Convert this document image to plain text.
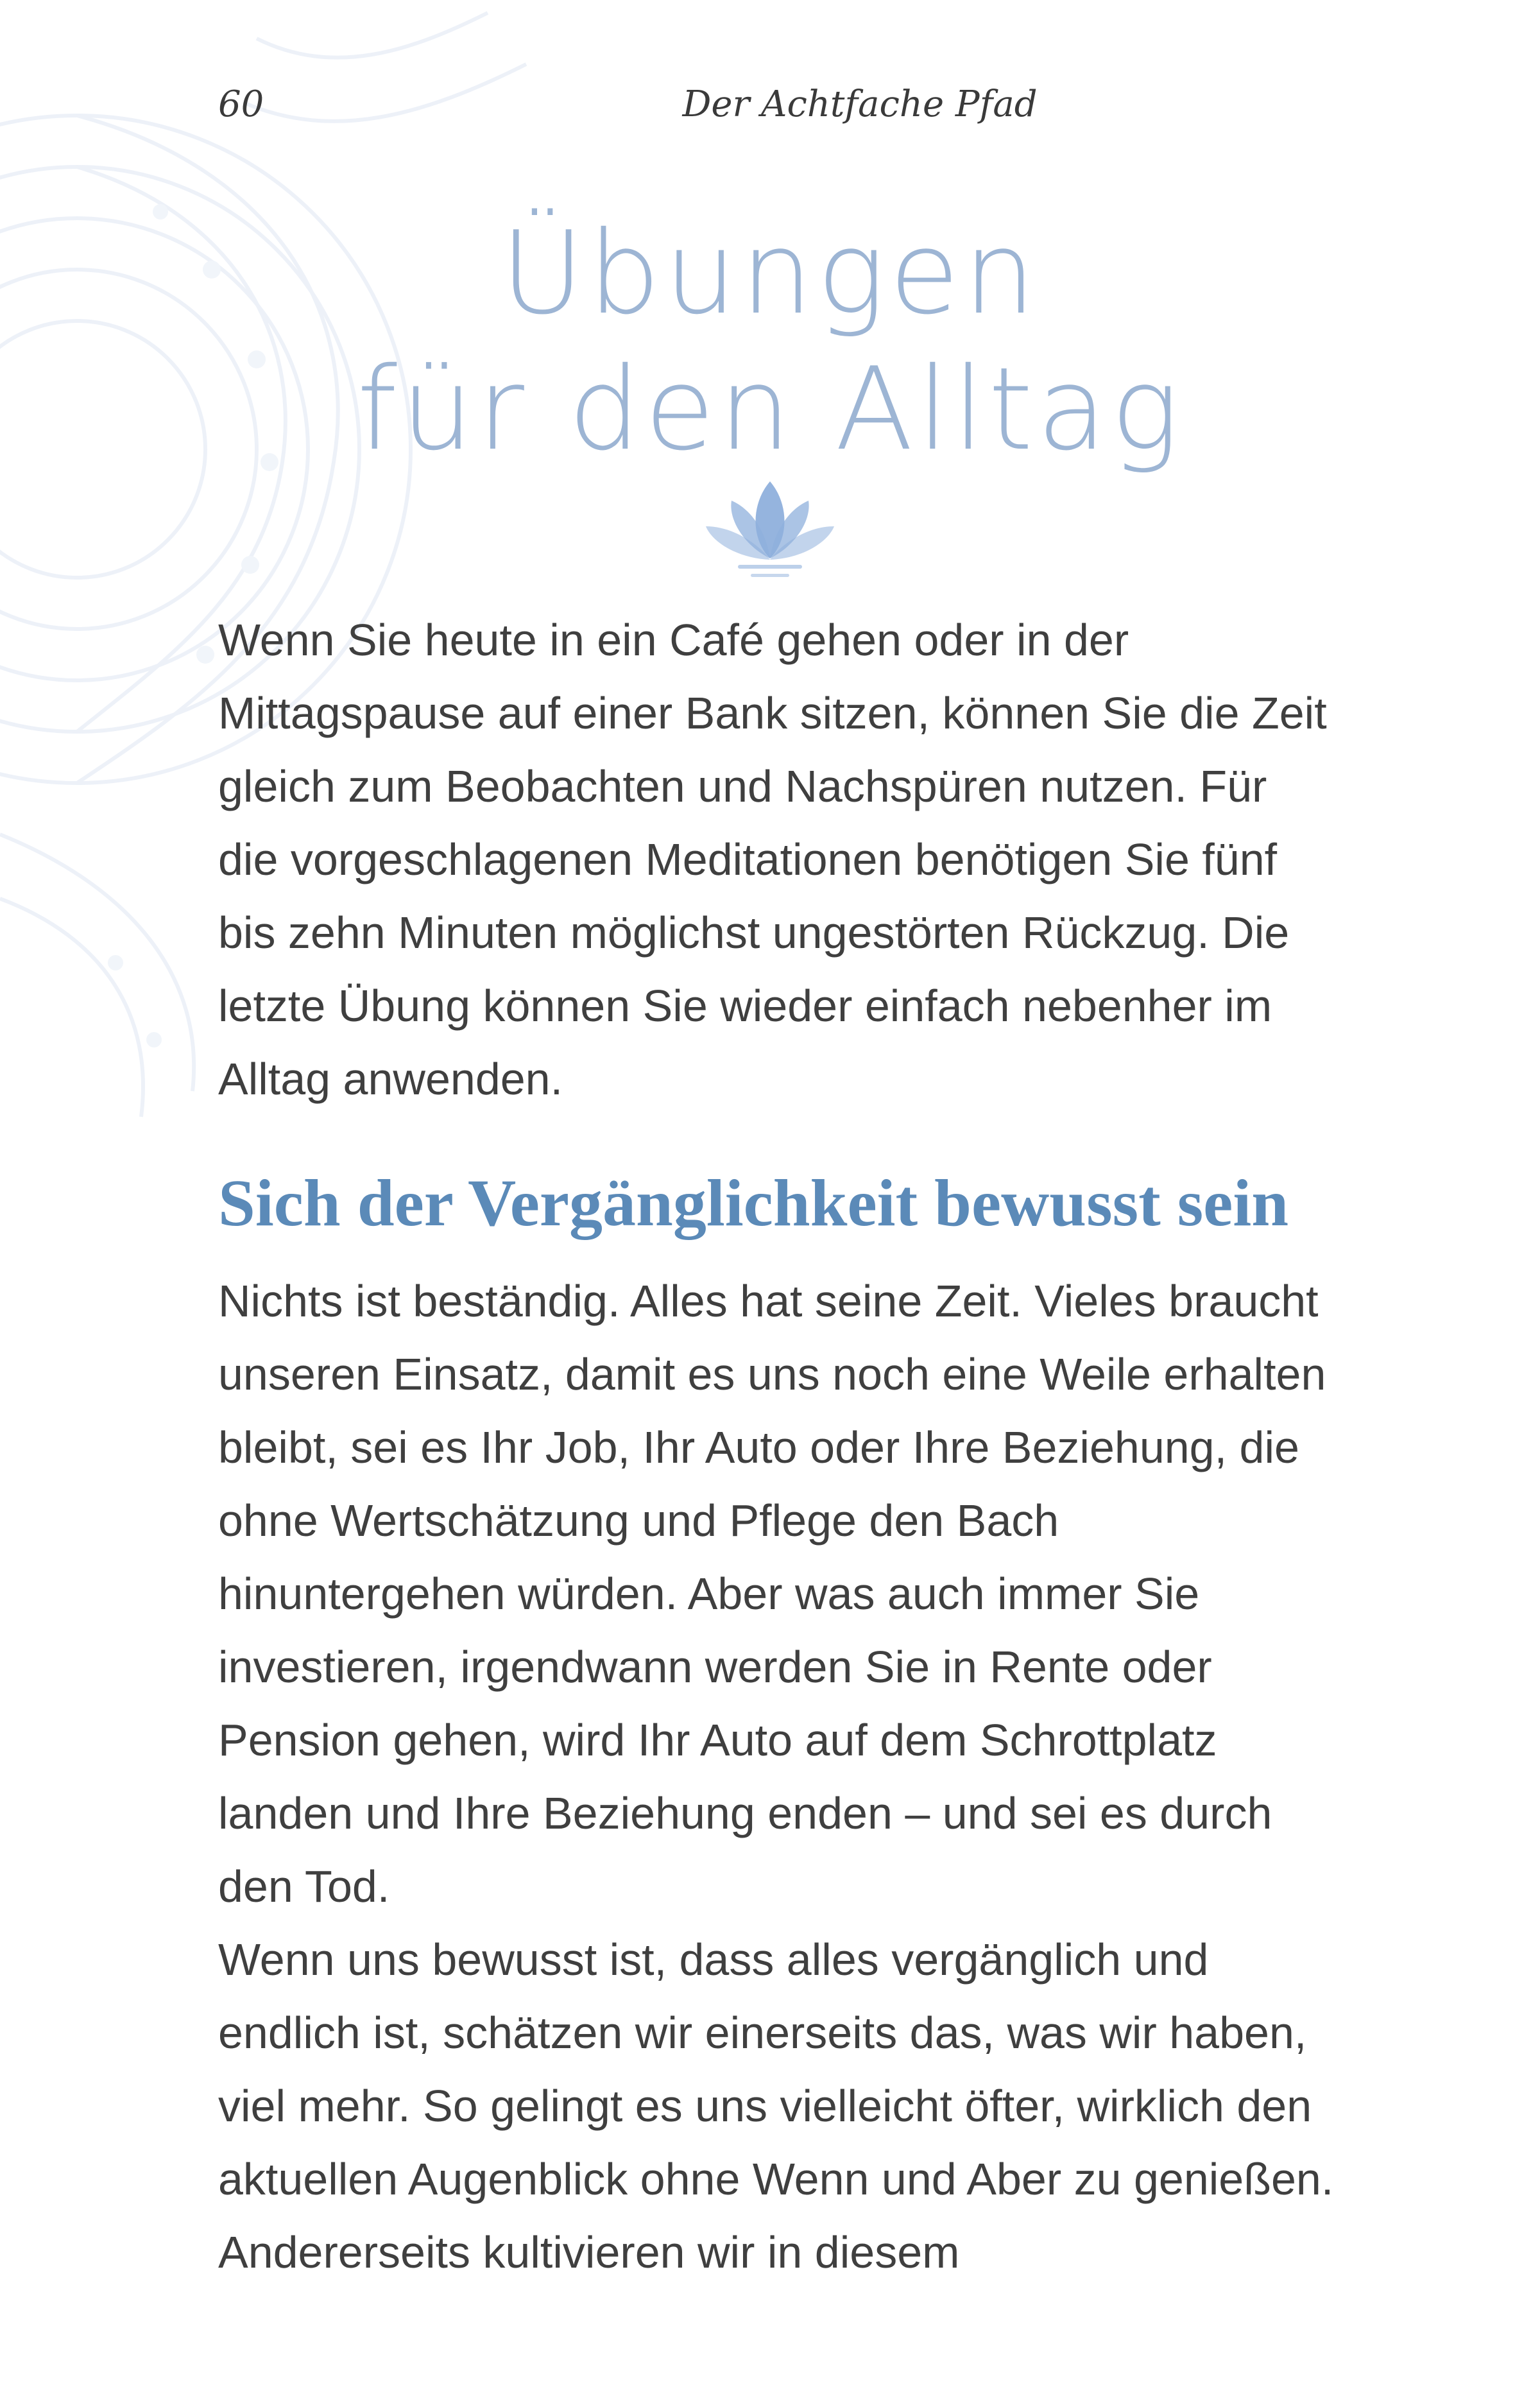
60	Der Achtfache Pfad
Übungen
für den Alltag

Wenn Sie heute in ein Café gehen oder in der Mittagspause auf einer Bank sitzen, können Sie die Zeit gleich zum Beobachten und Nachspüren nutzen. Für die vorgeschlagenen Meditationen benötigen Sie fünf bis zehn Minuten möglichst ungestörten Rückzug. Die letzte Übung können Sie wieder einfach nebenher im Alltag anwenden.

Sich der Vergänglichkeit bewusst sein

Nichts ist beständig. Alles hat seine Zeit. Vieles braucht unseren Einsatz, damit es uns noch eine Weile erhalten bleibt, sei es Ihr Job, Ihr Auto oder Ihre Beziehung, die ohne Wertschätzung und Pflege den Bach hinuntergehen würden. Aber was auch immer Sie investieren, irgendwann werden Sie in Rente oder Pension gehen, wird Ihr Auto auf dem Schrottplatz landen und Ihre Beziehung enden – und sei es durch den Tod.

Wenn uns bewusst ist, dass alles vergänglich und endlich ist, schätzen wir einerseits das, was wir haben, viel mehr. So gelingt es uns vielleicht öfter, wirklich den aktuellen Augenblick ohne Wenn und Aber zu genießen. Andererseits kultivieren wir in diesem
